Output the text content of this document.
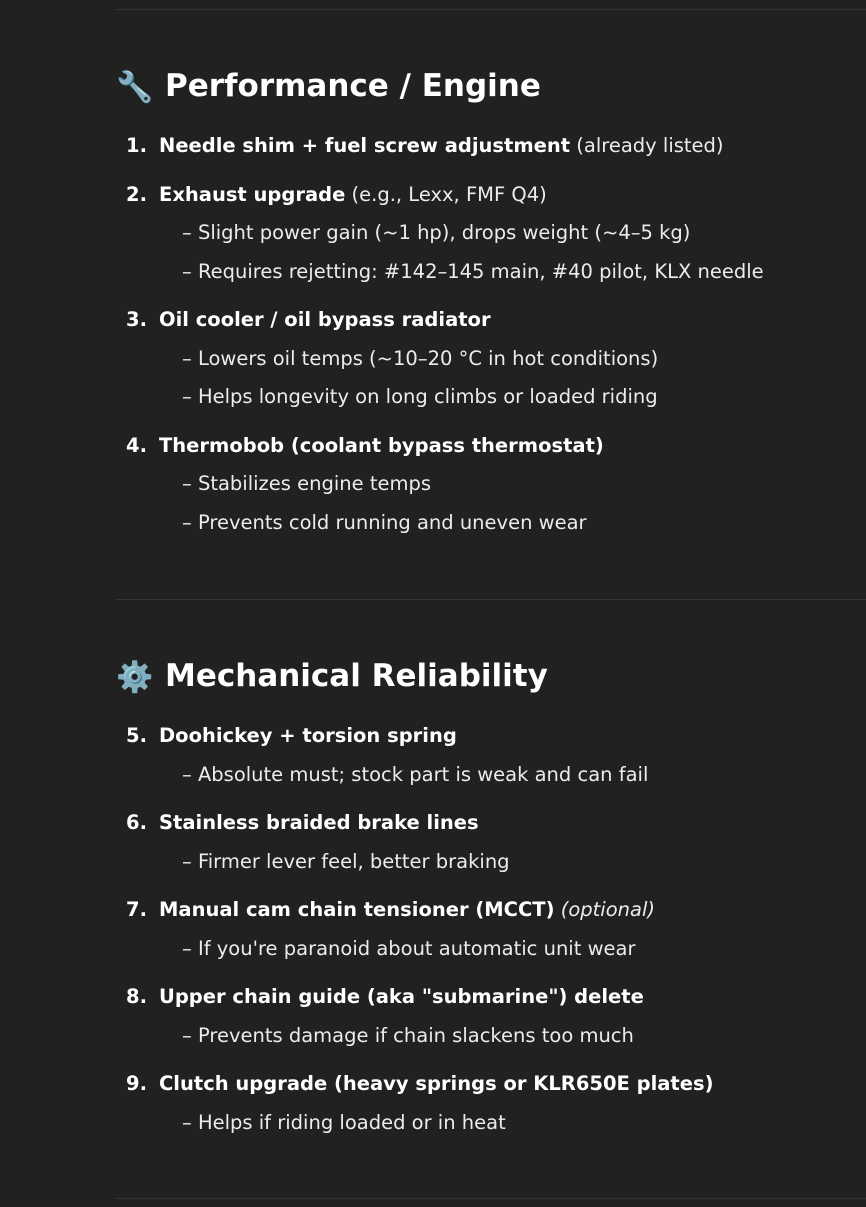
🔧 Performance / Engine
1. Needle shim + fuel screw adjustment (already listed)
2. Exhaust upgrade (e.g., Lexx, FMF Q4)
– Slight power gain (~1 hp), drops weight (~4–5 kg)
– Requires rejetting: #142–145 main, #40 pilot, KLX needle
3. Oil cooler / oil bypass radiator
– Lowers oil temps (~10–20 °C in hot conditions)
– Helps longevity on long climbs or loaded riding
4. Thermobob (coolant bypass thermostat)
– Stabilizes engine temps
– Prevents cold running and uneven wear
⚙️ Mechanical Reliability
5. Doohickey + torsion spring
– Absolute must; stock part is weak and can fail
6. Stainless braided brake lines
– Firmer lever feel, better braking
7. Manual cam chain tensioner (MCCT) (optional)
– If you're paranoid about automatic unit wear
8. Upper chain guide (aka "submarine") delete
– Prevents damage if chain slackens too much
9. Clutch upgrade (heavy springs or KLR650E plates)
– Helps if riding loaded or in heat
